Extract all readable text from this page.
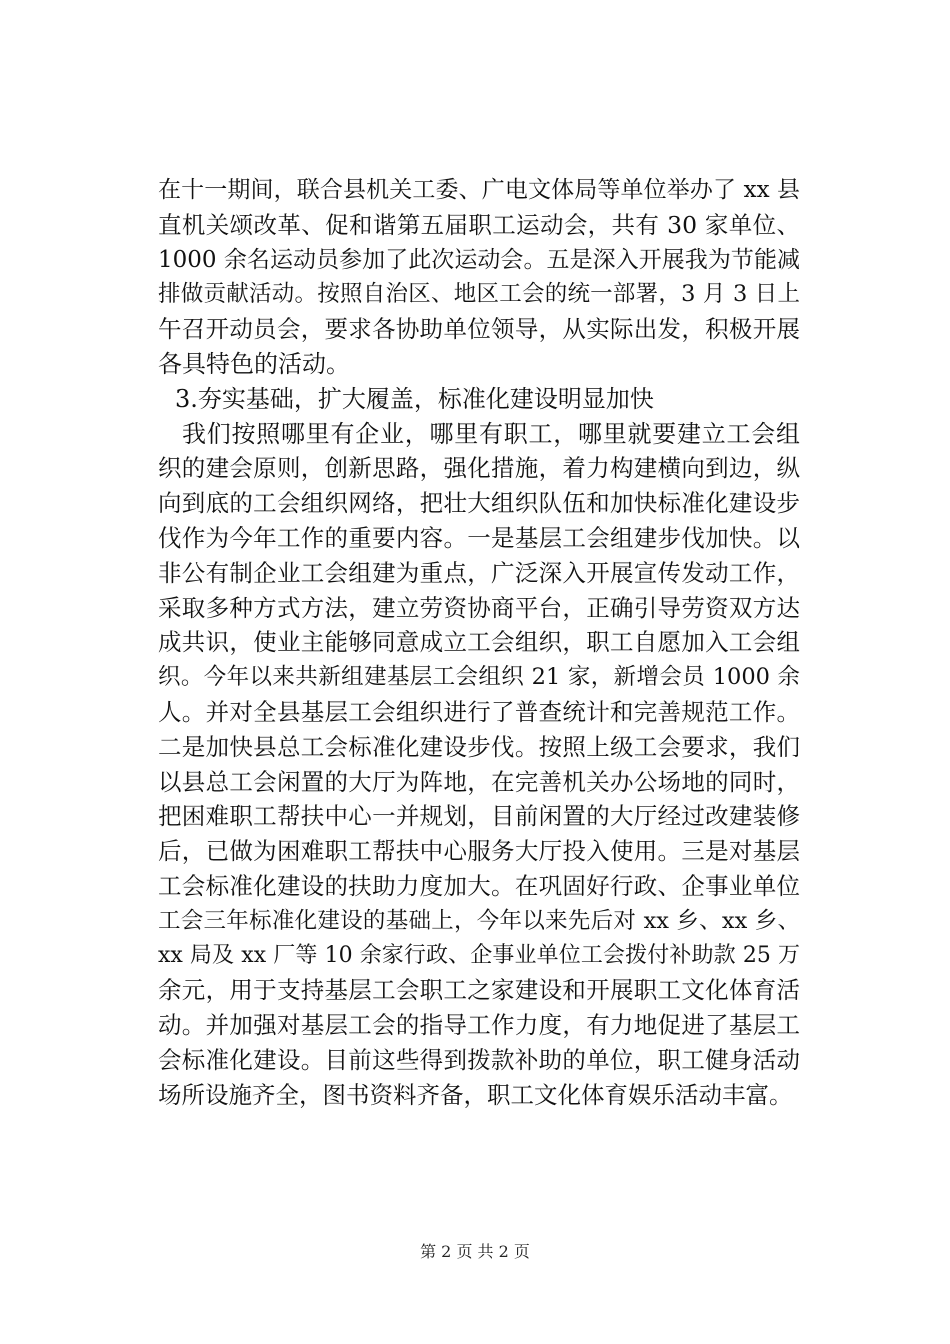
在十一期间，联合县机关工委、广电文体局等单位举办了 xx 县
直机关颂改革、促和谐第五届职工运动会，共有 30 家单位、
1000 余名运动员参加了此次运动会。五是深入开展我为节能减
排做贡献活动。按照自治区、地区工会的统一部署，3 月 3 日上
午召开动员会，要求各协助单位领导，从实际出发，积极开展
各具特色的活动。
3.夯实基础，扩大履盖，标准化建设明显加快
我们按照哪里有企业，哪里有职工，哪里就要建立工会组
织的建会原则，创新思路，强化措施，着力构建横向到边，纵
向到底的工会组织网络，把壮大组织队伍和加快标准化建设步
伐作为今年工作的重要内容。一是基层工会组建步伐加快。以
非公有制企业工会组建为重点，广泛深入开展宣传发动工作，
采取多种方式方法，建立劳资协商平台，正确引导劳资双方达
成共识，使业主能够同意成立工会组织，职工自愿加入工会组
织。今年以来共新组建基层工会组织 21 家，新增会员 1000 余
人。并对全县基层工会组织进行了普查统计和完善规范工作。
二是加快县总工会标准化建设步伐。按照上级工会要求，我们
以县总工会闲置的大厅为阵地，在完善机关办公场地的同时，
把困难职工帮扶中心一并规划，目前闲置的大厅经过改建装修
后，已做为困难职工帮扶中心服务大厅投入使用。三是对基层
工会标准化建设的扶助力度加大。在巩固好行政、企事业单位
工会三年标准化建设的基础上，今年以来先后对 xx 乡、xx 乡、
xx 局及 xx 厂等 10 余家行政、企事业单位工会拨付补助款 25 万
余元，用于支持基层工会职工之家建设和开展职工文化体育活
动。并加强对基层工会的指导工作力度，有力地促进了基层工
会标准化建设。目前这些得到拨款补助的单位，职工健身活动
场所设施齐全，图书资料齐备，职工文化体育娱乐活动丰富。
第 2 页 共 2 页
